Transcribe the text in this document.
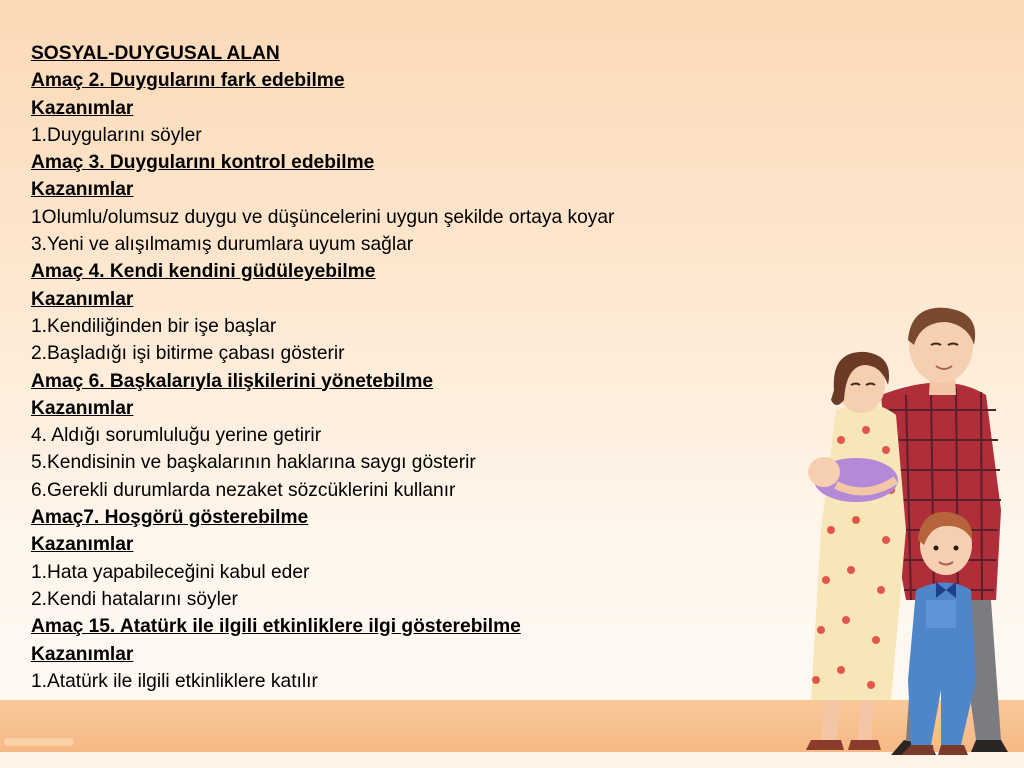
SOSYAL-DUYGUSAL ALAN
Amaç 2. Duygularını fark edebilme
Kazanımlar
1.Duygularını söyler
Amaç 3. Duygularını kontrol edebilme
Kazanımlar
1Olumlu/olumsuz duygu ve düşüncelerini uygun şekilde ortaya koyar
3.Yeni ve alışılmamış durumlara uyum sağlar
Amaç 4. Kendi kendini güdüleyebilme
Kazanımlar
1.Kendiliğinden bir işe başlar
2.Başladığı işi bitirme çabası gösterir
Amaç 6. Başkalarıyla ilişkilerini yönetebilme
Kazanımlar
4. Aldığı sorumluluğu yerine getirir
5.Kendisinin ve başkalarının haklarına saygı gösterir
6.Gerekli durumlarda nezaket sözcüklerini kullanır
Amaç7. Hoşgörü gösterebilme
Kazanımlar
1.Hata yapabileceğini kabul eder
2.Kendi hatalarını söyler
Amaç 15. Atatürk ile ilgili etkinliklere ilgi gösterebilme
Kazanımlar
1.Atatürk ile ilgili etkinliklere katılır
